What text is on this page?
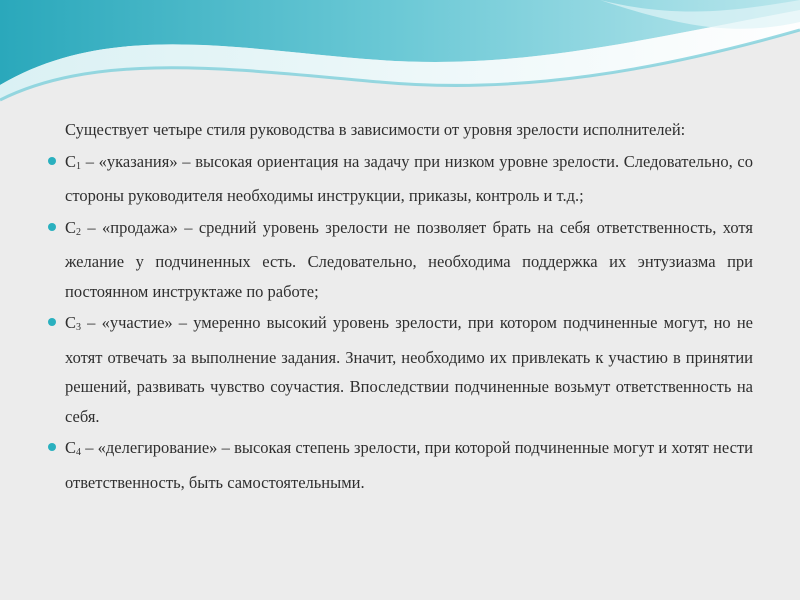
Существует четыре стиля руководства в зависимости от уровня зрелости исполнителей:

$С_1$ – «указания» – высокая ориентация на задачу при низком уровне зрелости. Следовательно, со стороны руководителя необходимы инструкции, приказы, контроль и т.д.;

$С_2$ – «продажа» – средний уровень зрелости не позволяет брать на себя ответственность, хотя желание у подчиненных есть. Следовательно, необходима поддержка их энтузиазма при постоянном инструктаже по работе;

$С_3$ – «участие» – умеренно высокий уровень зрелости, при котором подчиненные могут, но не хотят отвечать за выполнение задания. Значит, необходимо их привлекать к участию в принятии решений, развивать чувство соучастия. Впоследствии подчиненные возьмут ответственность на себя.

$С_4$ – «делегирование» – высокая степень зрелости, при которой подчиненные могут и хотят нести ответственность, быть самостоятельными.
